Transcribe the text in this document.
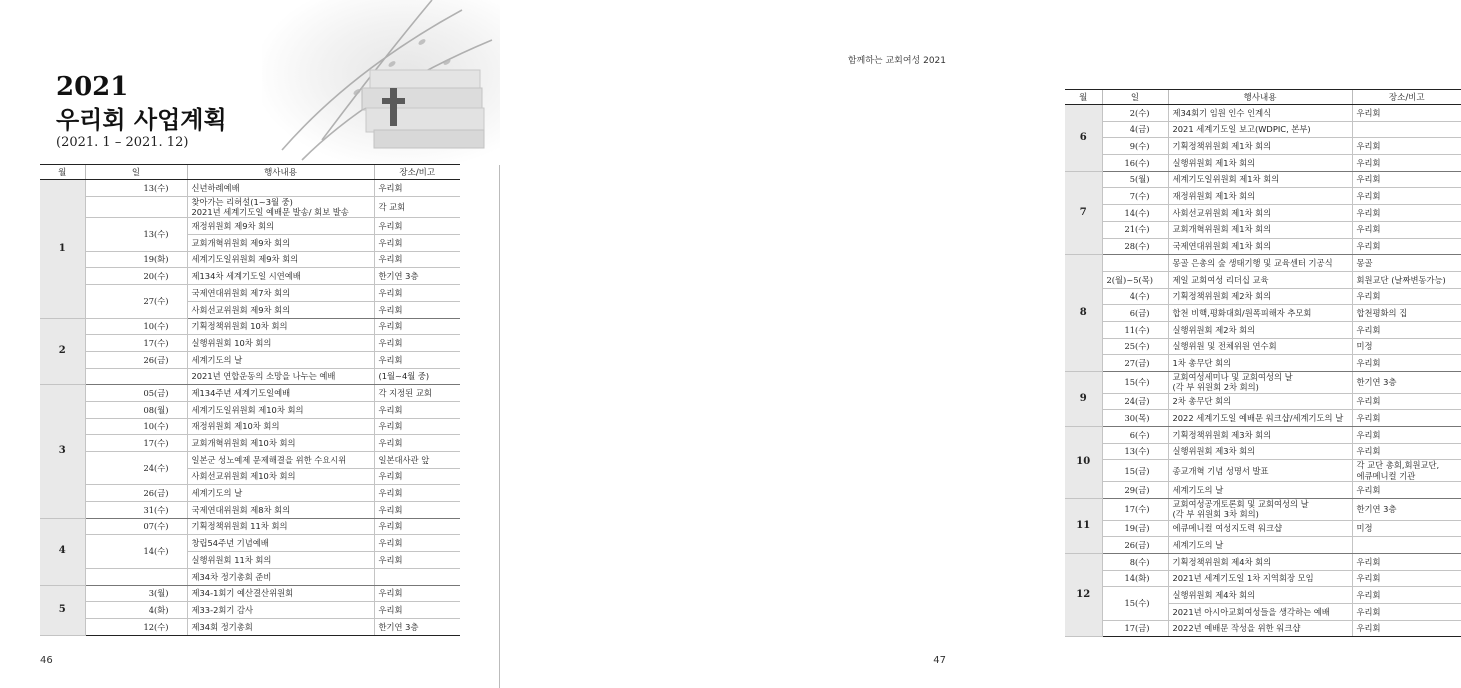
2021
우리회 사업계획
(2021. 1 – 2021. 12)
월	일	행사내용	장소/비고
1	13(수)	신년하례예배	우리회
		찾아가는 리허설(1~3월 중)
2021년 세계기도일 예배문 발송/ 회보 발송	각 교회
	13(수)	재정위원회 제9차 회의	우리회
		교회개혁위원회 제9차 회의	우리회
	19(화)	세계기도일위원회 제9차 회의	우리회
	20(수)	제134차 세계기도일 시연예배	한기연 3층
	27(수)	국제연대위원회 제7차 회의	우리회
		사회선교위원회 제9차 회의	우리회
2	10(수)	기획정책위원회 10차 회의	우리회
	17(수)	실행위원회 10차 회의	우리회
	26(금)	세계기도의 날	우리회
		2021년 연합운동의 소망을 나누는 예배	(1월~4월 중)
3	05(금)	제134주년 세계기도일예배	각 지정된 교회
	08(월)	세계기도일위원회 제10차 회의	우리회
	10(수)	재정위원회 제10차 회의	우리회
	17(수)	교회개혁위원회 제10차 회의	우리회
	24(수)	일본군 성노예제 문제해결을 위한 수요시위	일본대사관 앞
		사회선교위원회 제10차 회의	우리회
	26(금)	세계기도의 날	우리회
	31(수)	국제연대위원회 제8차 회의	우리회
4	07(수)	기획정책위원회 11차 회의	우리회
	14(수)	창립54주년 기념예배	우리회
		실행위원회 11차 회의	우리회
		제34차 정기총회 준비	
5	3(월)	제34-1회기 예산결산위원회	우리회
	4(화)	제33-2회기 감사	우리회
	12(수)	제34회 정기총회	한기연 3층
46
함께하는 교회여성 2021
월	일	행사내용	장소/비고
6	2(수)	제34회기 임원 인수 인계식	우리회
	4(금)	2021 세계기도일 보고(WDPIC, 본부)	
	9(수)	기획정책위원회 제1차 회의	우리회
	16(수)	실행위원회 제1차 회의	우리회
7	5(월)	세계기도일위원회 제1차 회의	우리회
	7(수)	재정위원회 제1차 회의	우리회
	14(수)	사회선교위원회 제1차 회의	우리회
	21(수)	교회개혁위원회 제1차 회의	우리회
	28(수)	국제연대위원회 제1차 회의	우리회
8		몽골 은총의 숲 생태기행 및 교육센터 기공식	몽골
	2(월)~5(목)	제일 교회여성 리더십 교육	회원교단 (날짜변동가능)
	4(수)	기획정책위원회 제2차 회의	우리회
	6(금)	합천 비핵,평화대회/원폭피해자 추모회	합천평화의 집
	11(수)	실행위원회 제2차 회의	우리회
	25(수)	실행위원 및 전체위원 연수회	미정
	27(금)	1차 총무단 회의	우리회
9	15(수)	교회여성세미나 및 교회여성의 날
(각 부 위원회 2차 회의)	한기연 3층
	24(금)	2차 총무단 회의	우리회
	30(목)	2022 세계기도일 예배문 워크샵/세계기도의 날	우리회
10	6(수)	기획정책위원회 제3차 회의	우리회
	13(수)	실행위원회 제3차 회의	우리회
	15(금)	종교개혁 기념 성명서 발표	각 교단 총회,회원교단,
에큐메니컬 기관
	29(금)	세계기도의 날	우리회
11	17(수)	교회여성공개토론회 및 교회여성의 날
(각 부 위원회 3차 회의)	한기연 3층
	19(금)	에큐메니컬 여성지도력 워크샵	미정
	26(금)	세계기도의 날	
12	8(수)	기획정책위원회 제4차 회의	우리회
	14(화)	2021년 세계기도일 1차 지역회장 모임	우리회
	15(수)	실행위원회 제4차 회의	우리회
		2021년 아시아교회여성들을 생각하는 예배	우리회
	17(금)	2022년 예배문 작성을 위한 워크샵	우리회
47
